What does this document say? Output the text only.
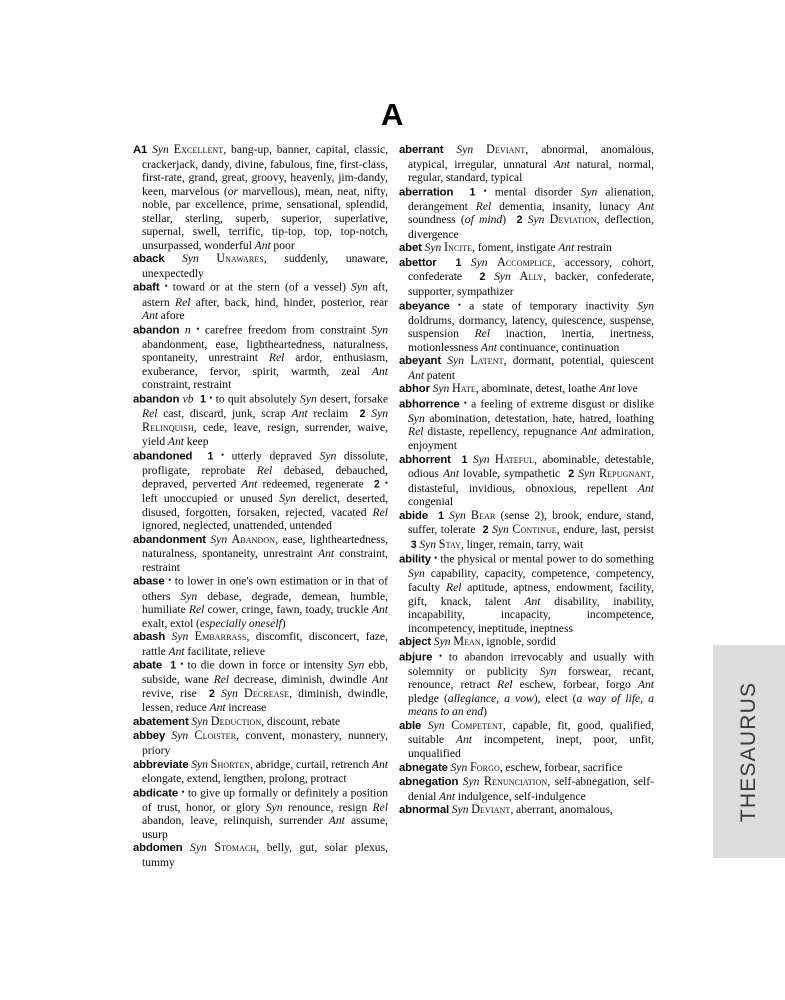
A

A1 Syn Excellent, bang-up, banner, capital, classic, crackerjack, dandy, divine, fabulous, fine, first-class, first-rate, grand, great, groovy, heavenly, jim-dandy, keen, marvelous (or marvellous), mean, neat, nifty, noble, par excellence, prime, sensational, splendid, stellar, sterling, superb, superior, superlative, supernal, swell, terrific, tip-top, top, top-notch, unsurpassed, wonderful Ant poor

aback Syn Unawares, suddenly, unaware, unexpectedly

abaft • toward or at the stern (of a vessel) Syn aft, astern Rel after, back, hind, hinder, posterior, rear Ant afore

abandon n • carefree freedom from constraint Syn abandonment, ease, lightheartedness, naturalness, spontaneity, unrestraint Rel ardor, enthusiasm, exuberance, fervor, spirit, warmth, zeal Ant constraint, restraint

abandon vb 1 • to quit absolutely Syn desert, forsake Rel cast, discard, junk, scrap Ant reclaim  2 Syn Relinquish, cede, leave, resign, surrender, waive, yield Ant keep

abandoned 1 • utterly depraved Syn dissolute, profligate, reprobate Rel debased, debauched, depraved, perverted Ant redeemed, regenerate  2 • left unoccupied or unused Syn derelict, deserted, disused, forgotten, forsaken, rejected, vacated Rel ignored, neglected, unattended, untended

abandonment Syn Abandon, ease, lightheartedness, naturalness, spontaneity, unrestraint Ant constraint, restraint

abase • to lower in one's own estimation or in that of others Syn debase, degrade, demean, humble, humiliate Rel cower, cringe, fawn, toady, truckle Ant exalt, extol (especially oneself)

abash Syn Embarrass, discomfit, disconcert, faze, rattle Ant facilitate, relieve

abate 1 • to die down in force or intensity Syn ebb, subside, wane Rel decrease, diminish, dwindle Ant revive, rise  2 Syn Decrease, diminish, dwindle, lessen, reduce Ant increase

abatement Syn Deduction, discount, rebate

abbey Syn Cloister, convent, monastery, nunnery, priory

abbreviate Syn Shorten, abridge, curtail, retrench Ant elongate, extend, lengthen, prolong, protract

abdicate • to give up formally or definitely a position of trust, honor, or glory Syn renounce, resign Rel abandon, leave, relinquish, surrender Ant assume, usurp

abdomen Syn Stomach, belly, gut, solar plexus, tummy

aberrant Syn Deviant, abnormal, anomalous, atypical, irregular, unnatural Ant natural, normal, regular, standard, typical

aberration 1 • mental disorder Syn alienation, derangement Rel dementia, insanity, lunacy Ant soundness (of mind)  2 Syn Deviation, deflection, divergence

abet Syn Incite, foment, instigate Ant restrain

abettor 1 Syn Accomplice, accessory, cohort, confederate  2 Syn Ally, backer, confederate, supporter, sympathizer

abeyance • a state of temporary inactivity Syn doldrums, dormancy, latency, quiescence, suspense, suspension Rel inaction, inertia, inertness, motionlessness Ant continuance, continuation

abeyant Syn Latent, dormant, potential, quiescent Ant patent

abhor Syn Hate, abominate, detest, loathe Ant love

abhorrence • a feeling of extreme disgust or dislike Syn abomination, detestation, hate, hatred, loathing Rel distaste, repellency, repugnance Ant admiration, enjoyment

abhorrent 1 Syn Hateful, abominable, detestable, odious Ant lovable, sympathetic  2 Syn Repugnant, distasteful, invidious, obnoxious, repellent Ant congenial

abide 1 Syn Bear (sense 2), brook, endure, stand, suffer, tolerate  2 Syn Continue, endure, last, persist  3 Syn Stay, linger, remain, tarry, wait

ability • the physical or mental power to do something Syn capability, capacity, competence, competency, faculty Rel aptitude, aptness, endowment, facility, gift, knack, talent Ant disability, inability, incapability, incapacity, incompetence, incompetency, ineptitude, ineptness

abject Syn Mean, ignoble, sordid

abjure • to abandon irrevocably and usually with solemnity or publicity Syn forswear, recant, renounce, retract Rel eschew, forbear, forgo Ant pledge (allegiance, a vow), elect (a way of life, a means to an end)

able Syn Competent, capable, fit, good, qualified, suitable Ant incompetent, inept, poor, unfit, unqualified

abnegate Syn Forgo, eschew, forbear, sacrifice

abnegation Syn Renunciation, self-abnegation, self-denial Ant indulgence, self-indulgence

abnormal Syn Deviant, aberrant, anomalous,	THESAURUS
